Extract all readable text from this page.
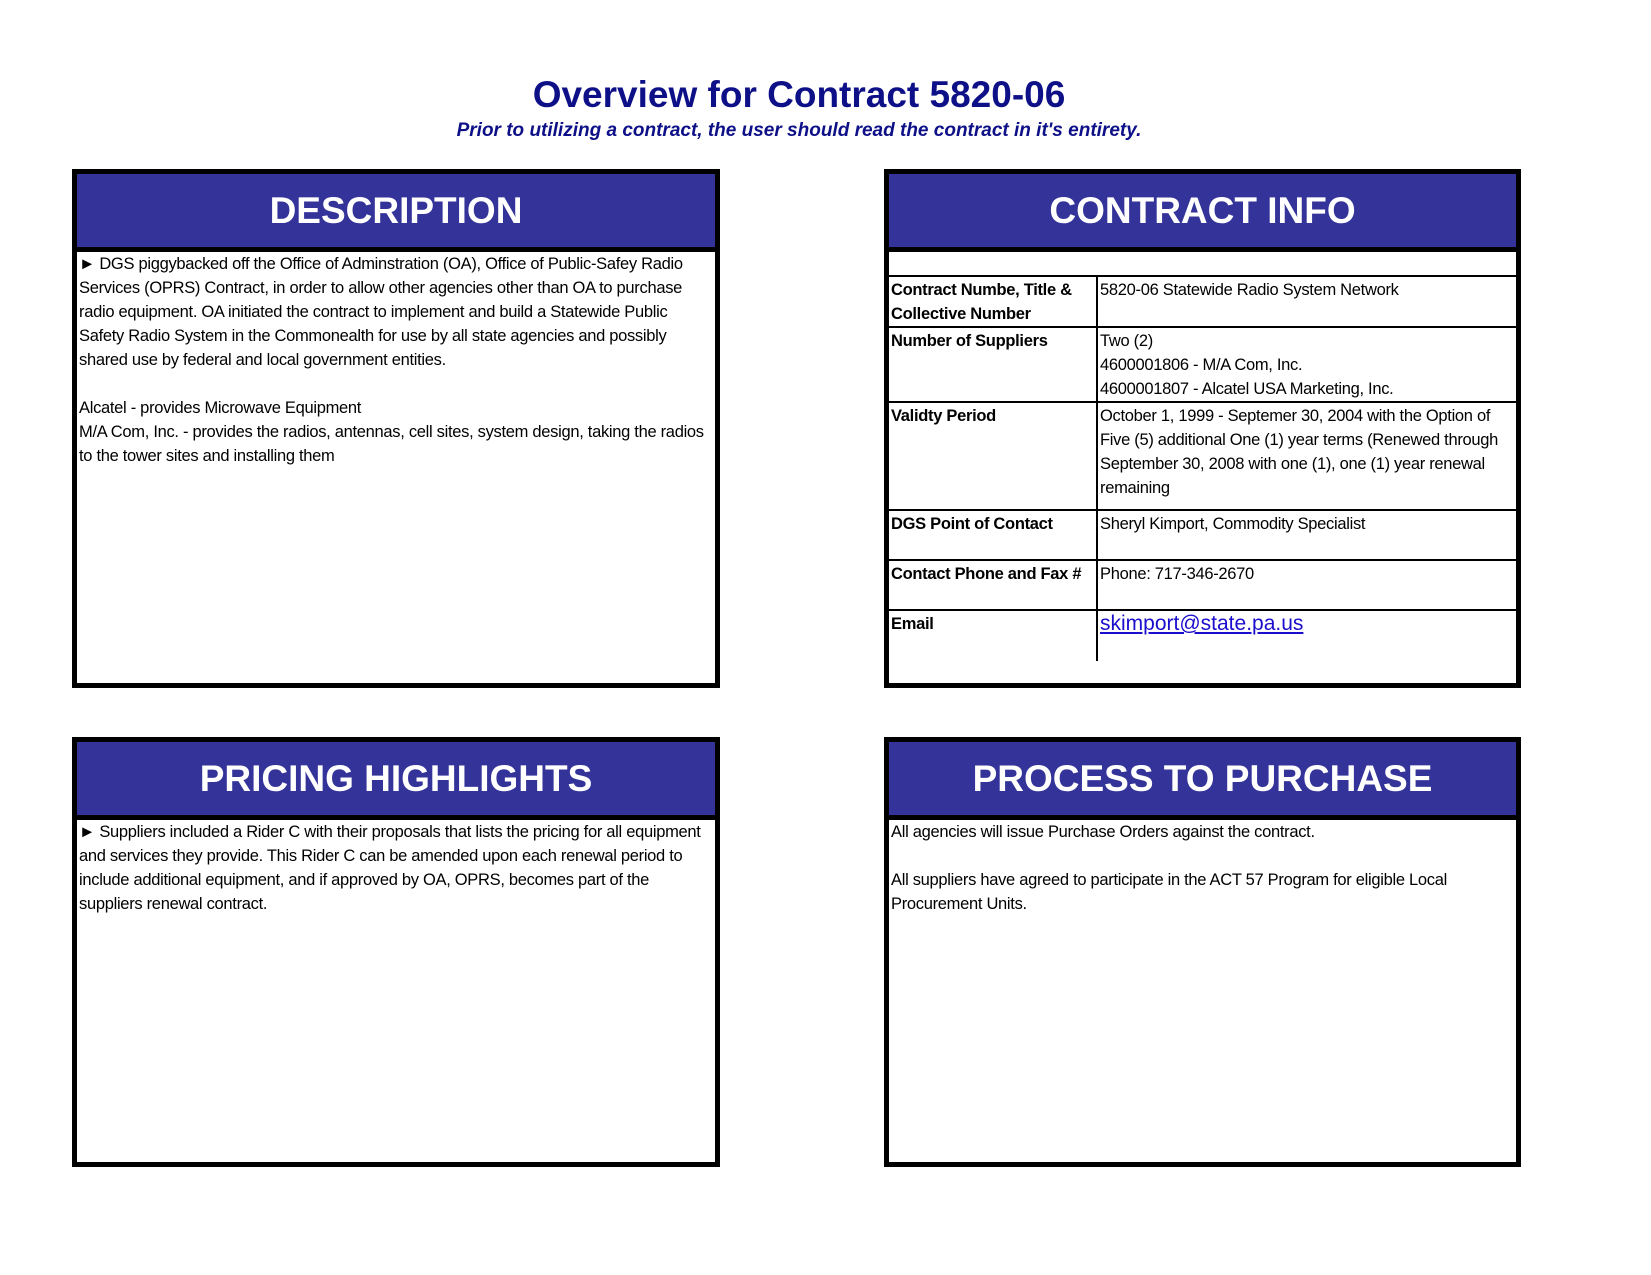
Overview for Contract 5820-06

Prior to utilizing a contract, the user should read the contract in it's entirety.

DESCRIPTION

► DGS piggybacked off the Office of Adminstration (OA), Office of Public-Safey Radio Services (OPRS) Contract, in order to allow other agencies other than OA to purchase radio equipment. OA initiated the contract to implement and build a Statewide Public Safety Radio System in the Commonealth for use by all state agencies and possibly shared use by federal and local government entities.

Alcatel - provides Microwave Equipment

M/A Com, Inc. - provides the radios, antennas, cell sites, system design, taking the radios to the tower sites and installing them

CONTRACT INFO

Contract Numbe, Title & Collective Number	5820-06 Statewide Radio System Network
Number of Suppliers	Two (2)
4600001806 - M/A Com, Inc.
4600001807 - Alcatel USA Marketing, Inc.

Validty Period	October 1, 1999 - Septemer 30, 2004 with the Option of Five (5) additional One (1) year terms (Renewed through September 30, 2008 with one (1), one (1) year renewal remaining
DGS Point of Contact	Sheryl Kimport, Commodity Specialist
Contact Phone and Fax #	Phone: 717-346-2670
Email	skimport@state.pa.us
PRICING HIGHLIGHTS

► Suppliers included a Rider C with their proposals that lists the pricing for all equipment and services they provide. This Rider C can be amended upon each renewal period to include additional equipment, and if approved by OA, OPRS, becomes part of the suppliers renewal contract.

PROCESS TO PURCHASE

All agencies will issue Purchase Orders against the contract.

All suppliers have agreed to participate in the ACT 57 Program for eligible Local Procurement Units.
